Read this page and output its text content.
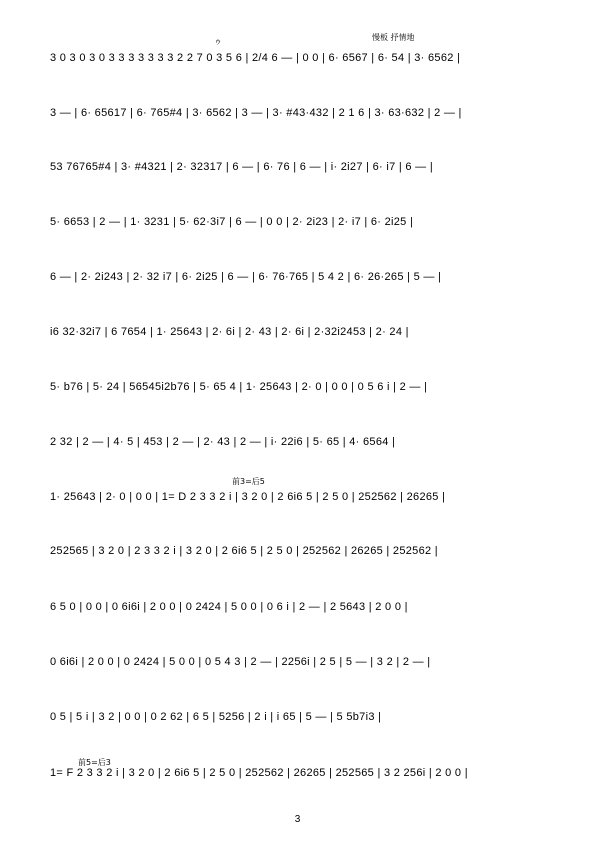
慢板 抒情地
ゥ
3 0 3 0 3 0 3 3 3 3 3 3 3 2 2 7 0 3 5 6 | 2/4 6 — | 0 0 | 6· 6567 | 6· 54 | 3· 6562 |
3 — | 6· 65617 | 6· 765#4 | 3· 6562 | 3 — | 3· #43·432 | 2 1 6 | 3· 63·632 | 2 — |
53 76765#4 | 3· #4321 | 2· 32317 | 6 — | 6· 76 | 6 — | i· 2i27 | 6· i7 | 6 — |
5· 6653 | 2 — | 1· 3231 | 5· 62·3i7 | 6 — | 0 0 | 2· 2i23 | 2· i7 | 6· 2i25 |
6 — | 2· 2i243 | 2· 32 i7 | 6· 2i25 | 6 — | 6· 76·765 | 5 4 2 | 6· 26·265 | 5 — |
i6 32·32i7 | 6 7654 | 1· 25643 | 2· 6i | 2· 43 | 2· 6i | 2·32i2453 | 2· 24 |
5· b76 | 5· 24 | 56545i2b76 | 5· 65 4 | 1· 25643 | 2· 0 | 0 0 | 0 5 6 i | 2 — |
2 32 | 2 — | 4· 5 | 453 | 2 — | 2· 43 | 2 — | i· 22i6 | 5· 65 | 4· 6564 |
前3=后5
1· 25643 | 2· 0 | 0 0 | 1= D 2 3 3 2 i | 3 2 0 | 2 6i6 5 | 2 5 0 | 252562 | 26265 |
252565 | 3 2 0 | 2 3 3 2 i | 3 2 0 | 2 6i6 5 | 2 5 0 | 252562 | 26265 | 252562 |
6 5 0 | 0 0 | 0 6i6i | 2 0 0 | 0 2424 | 5 0 0 | 0 6 i | 2 — | 2 5643 | 2 0 0 |
0 6i6i | 2 0 0 | 0 2424 | 5 0 0 | 0 5 4 3 | 2 — | 2256i | 2 5 | 5 — | 3 2 | 2 — |
0 5 | 5 i | 3 2 | 0 0 | 0 2 62 | 6 5 | 5256 | 2 i | i 65 | 5 — | 5 5b7i3 |
前5=后3
1= F 2 3 3 2 i | 3 2 0 | 2 6i6 5 | 2 5 0 | 252562 | 26265 | 252565 | 3 2 256i | 2 0 0 |
3
